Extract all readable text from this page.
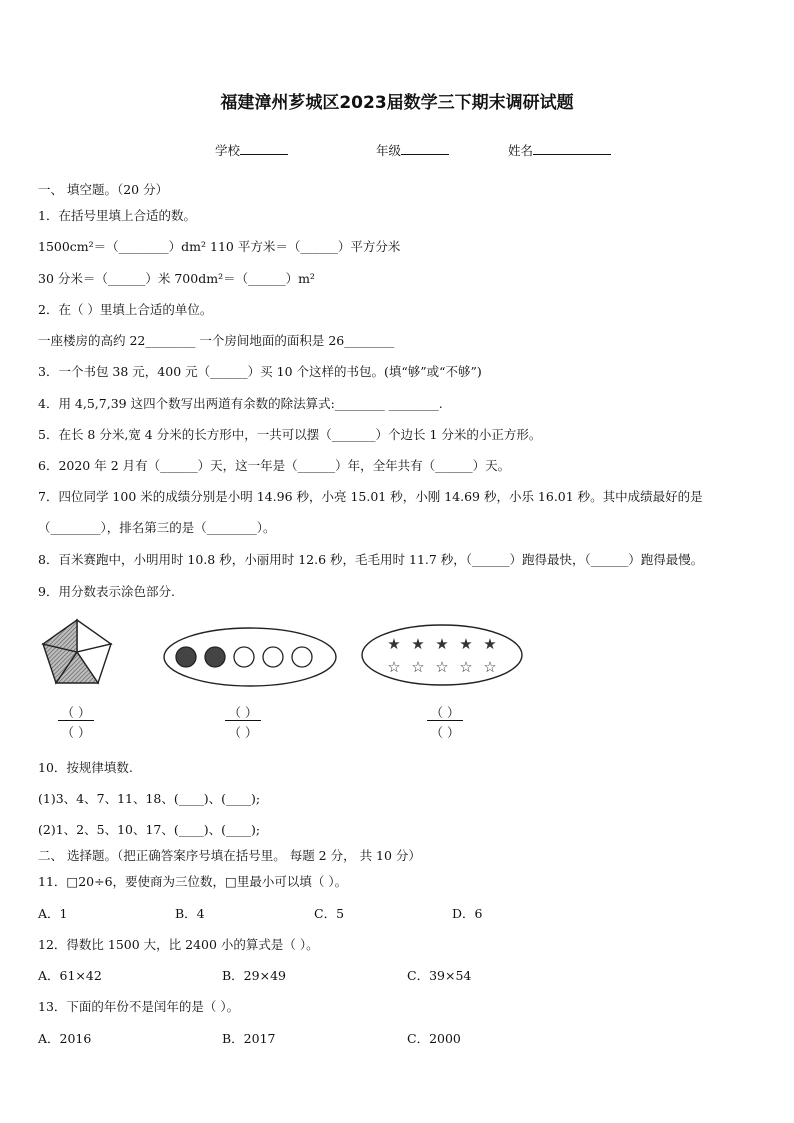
福建漳州芗城区2023届数学三下期末调研试题
学校	年级	姓名
一、 填空题。（20 分）
1．在括号里填上合适的数。
1500cm²＝（________）dm² 110 平方米＝（______）平方分米
30 分米＝（______）米 700dm²＝（______）m²
2．在（ ）里填上合适的单位。
一座楼房的高约 22________ 一个房间地面的面积是 26________
3．一个书包 38 元，400 元（______）买 10 个这样的书包。(填“够”或“不够”)
4．用 4,5,7,39 这四个数写出两道有余数的除法算式:________ ________.
5．在长 8 分米,宽 4 分米的长方形中，一共可以摆（_______）个边长 1 分米的小正方形。
6．2020 年 2 月有（______）天，这一年是（______）年，全年共有（______）天。
7．四位同学 100 米的成绩分别是小明 14.96 秒，小亮 15.01 秒，小刚 14.69 秒，小乐 16.01 秒。其中成绩最好的是
（________），排名第三的是（________）。
8．百米赛跑中，小明用时 10.8 秒，小丽用时 12.6 秒，毛毛用时 11.7 秒，（______）跑得最快，（______）跑得最慢。
9．用分数表示涂色部分.
★ ★ ★ ★ ★
☆ ☆ ☆ ☆ ☆
（ ）
（ ）
（ ）
（ ）
（ ）
（ ）
10．按规律填数.
(1)3、4、7、11、18、(____)、(____);
(2)1、2、5、10、17、(____)、(____);
二、 选择题。（把正确答案序号填在括号里。 每题 2 分， 共 10 分）
11．□20÷6，要使商为三位数，□里最小可以填（ ）。
A．1	B．4	C．5	D．6
12．得数比 1500 大，比 2400 小的算式是（ ）。
A．61×42	B．29×49	C．39×54
13．下面的年份不是闰年的是（ ）。
A．2016	B．2017	C．2000
